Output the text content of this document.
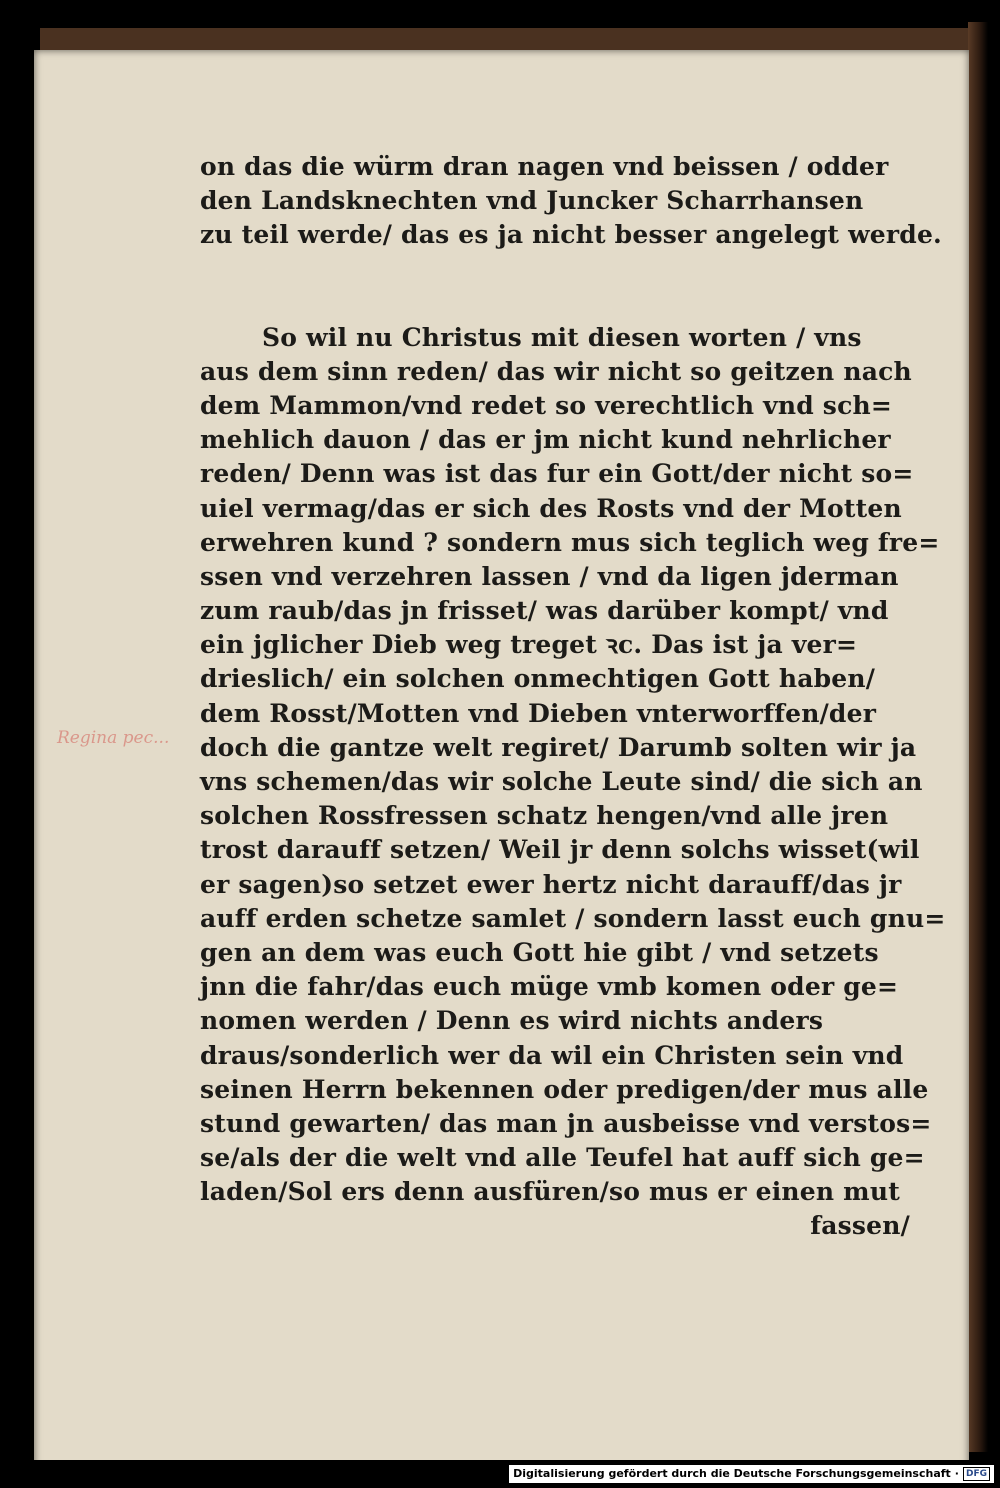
Regina pec...
on das die würm dran nagen vnd beissen / odder
den Landsknechten vnd Juncker Scharrhansen
zu teil werde/ das es ja nicht besser angelegt werde.
So wil nu Christus mit diesen worten / vns
aus dem sinn reden/ das wir nicht so geitzen nach
dem Mammon/vnd redet so verechtlich vnd sch=
mehlich dauon / das er jm nicht kund nehrlicher
reden/ Denn was ist das fur ein Gott/der nicht so=
uiel vermag/das er sich des Rosts vnd der Motten
erwehren kund ? sondern mus sich teglich weg fre=
ssen vnd verzehren lassen / vnd da ligen jderman
zum raub/das jn frisset/ was darüber kompt/ vnd
ein jglicher Dieb weg treget ꝛc. Das ist ja ver=
drieslich/ ein solchen onmechtigen Gott haben/
dem Rosst/Motten vnd Dieben vnterworffen/der
doch die gantze welt regiret/ Darumb solten wir ja
vns schemen/das wir solche Leute sind/ die sich an
solchen Rossfressen schatz hengen/vnd alle jren
trost darauff setzen/ Weil jr denn solchs wisset(wil
er sagen)so setzet ewer hertz nicht darauff/das jr
auff erden schetze samlet / sondern lasst euch gnu=
gen an dem was euch Gott hie gibt / vnd setzets
jnn die fahr/das euch müge vmb komen oder ge=
nomen werden / Denn es wird nichts anders
draus/sonderlich wer da wil ein Christen sein vnd
seinen Herrn bekennen oder predigen/der mus alle
stund gewarten/ das man jn ausbeisse vnd verstos=
se/als der die welt vnd alle Teufel hat auff sich ge=
laden/Sol ers denn ausfüren/so mus er einen mut
fassen/
Digitalisierung gefördert durch die Deutsche Forschungsgemeinschaft · DFG
